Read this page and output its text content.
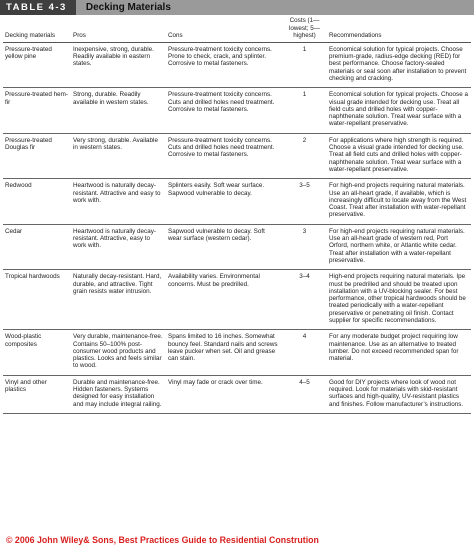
TABLE 4-3	Decking Materials
Decking materials	Pros	Cons	Costs (1—lowest; 5—highest)	Recommendations
Pressure-treated yellow pine	Inexpensive, strong, durable. Readily available in eastern states.	Pressure-treatment toxicity concerns. Prone to check, crack, and splinter. Corrosive to metal fasteners.	1	Economical solution for typical projects. Choose premium-grade, radius-edge decking (RED) for best performance. Choose factory-sealed materials or seal soon after installation to prevent checking and cracking.
Pressure-treated hem-fir	Strong, durable. Readily available in western states.	Pressure-treatment toxicity concerns. Cuts and drilled holes need treatment. Corrosive to metal fasteners.	1	Economical solution for typical projects. Choose a visual grade intended for decking use. Treat all field cuts and drilled holes with copper-naphthenate solution. Treat wear surface with a water-repellant preservative.
Pressure-treated Douglas fir	Very strong, durable. Available in western states.	Pressure-treatment toxicity concerns. Cuts and drilled holes need treatment. Corrosive to metal fasteners.	2	For applications where high strength is required. Choose a visual grade intended for decking use. Treat all field cuts and drilled holes with copper-naphthenate solution. Treat wear surface with a water-repellant preservative.
Redwood	Heartwood is naturally decay-resistant. Attractive and easy to work with.	Splinters easily. Soft wear surface. Sapwood vulnerable to decay.	3–5	For high-end projects requiring natural materials. Use an all-heart grade, if available, which is increasingly difficult to locate away from the West Coast. Treat after installation with water-repellant preservative.
Cedar	Heartwood is naturally decay-resistant. Attractive, easy to work with.	Sapwood vulnerable to decay. Soft wear surface (western cedar).	3	For high-end projects requiring natural materials. Use an all-heart grade of western red, Port Orford, northern white, or Atlantic white cedar. Treat after installation with a water-repellant preservative.
Tropical hardwoods	Naturally decay-resistant. Hard, durable, and attractive. Tight grain resists water intrusion.	Availability varies. Environmental concerns. Must be predrilled.	3–4	High-end projects requiring natural materials. Ipe must be predrilled and should be treated upon installation with a UV-blocking sealer. For best performance, other tropical hardwoods should be treated periodically with a water-repellant preservative or penetrating oil finish. Contact supplier for specific recommendations.
Wood-plastic composites	Very durable, maintenance-free. Contains 50–100% post-consumer wood products and plastics. Looks and feels similar to wood.	Spans limited to 16 inches. Somewhat bouncy feel. Standard nails and screws leave pucker when set. Oil and grease can stain.	4	For any moderate budget project requiring low maintenance. Use as an alternative to treated lumber. Do not exceed recommended span for material.
Vinyl and other plastics	Durable and maintenance-free. Hidden fasteners. Systems designed for easy installation and may include integral railing.	Vinyl may fade or crack over time.	4–5	Good for DIY projects where look of wood not required. Look for materials with skid-resistant surfaces and high-quality, UV-resistant plastics and finishes. Follow manufacturer’s instructions.
© 2006 John Wiley& Sons, Best Practices Guide to Residential Constrution
